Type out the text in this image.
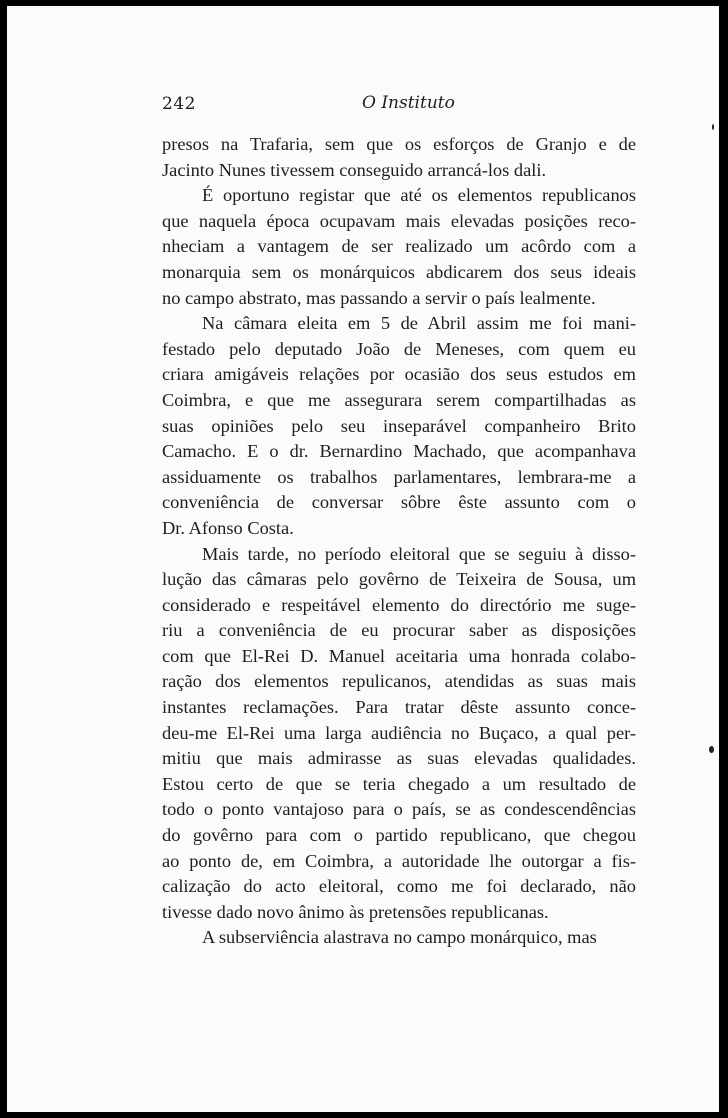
242	O Instituto
presos na Trafaria, sem que os esforços de Granjo e de
Jacinto Nunes tivessem conseguido arrancá-los dali.
É oportuno registar que até os elementos republicanos
que naquela época ocupavam mais elevadas posições reco-
nheciam a vantagem de ser realizado um acôrdo com a
monarquia sem os monárquicos abdicarem dos seus ideais
no campo abstrato, mas passando a servir o país lealmente.
Na câmara eleita em 5 de Abril assim me foi mani-
festado pelo deputado João de Meneses, com quem eu
criara amigáveis relações por ocasião dos seus estudos em
Coimbra, e que me assegurara serem compartilhadas as
suas opiniões pelo seu inseparável companheiro Brito
Camacho. E o dr. Bernardino Machado, que acompanhava
assiduamente os trabalhos parlamentares, lembrara-me a
conveniência de conversar sôbre êste assunto com o
Dr. Afonso Costa.
Mais tarde, no período eleitoral que se seguiu à disso-
lução das câmaras pelo govêrno de Teixeira de Sousa, um
considerado e respeitável elemento do directório me suge-
riu a conveniência de eu procurar saber as disposições
com que El-Rei D. Manuel aceitaria uma honrada colabo-
ração dos elementos repulicanos, atendidas as suas mais
instantes reclamações. Para tratar dêste assunto conce-
deu-me El-Rei uma larga audiência no Buçaco, a qual per-
mitiu que mais admirasse as suas elevadas qualidades.
Estou certo de que se teria chegado a um resultado de
todo o ponto vantajoso para o país, se as condescendências
do govêrno para com o partido republicano, que chegou
ao ponto de, em Coimbra, a autoridade lhe outorgar a fis-
calização do acto eleitoral, como me foi declarado, não
tivesse dado novo ânimo às pretensões republicanas.
A subserviência alastrava no campo monárquico, mas
